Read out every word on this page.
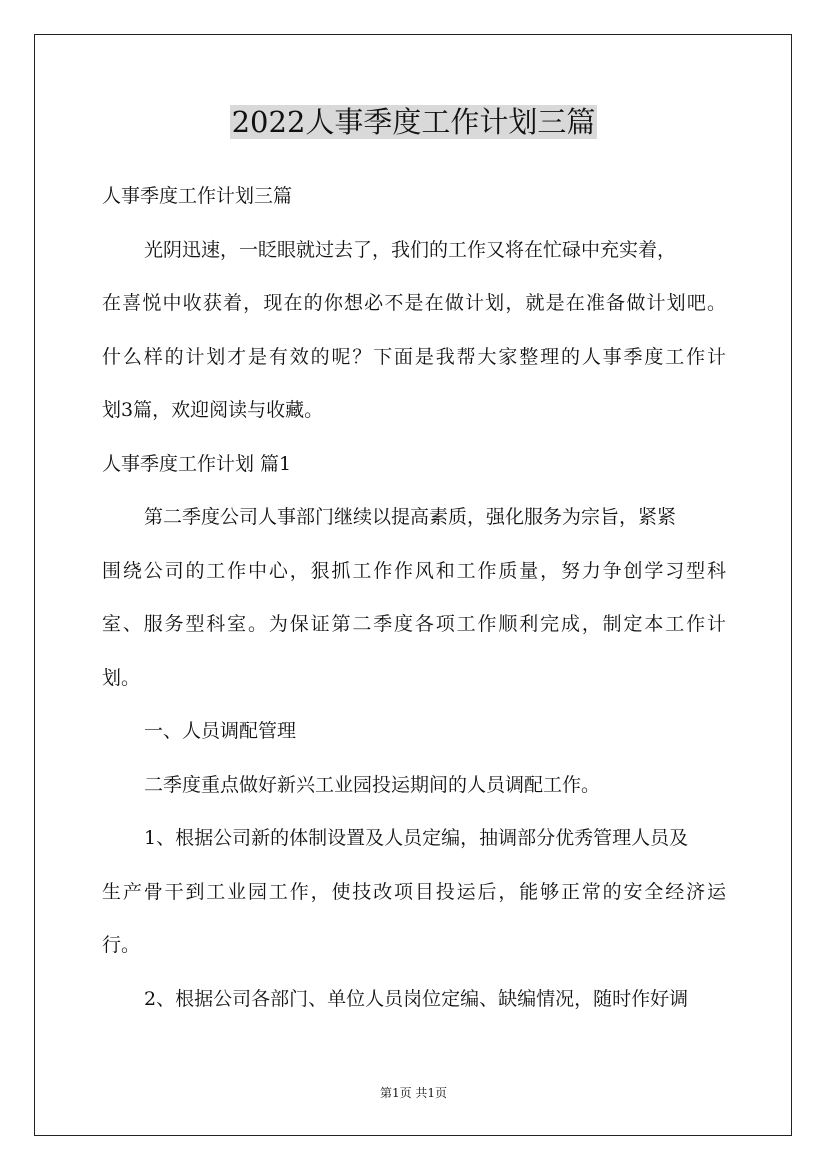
2022人事季度工作计划三篇
人事季度工作计划三篇
光阴迅速，一眨眼就过去了，我们的工作又将在忙碌中充实着，
在喜悦中收获着，现在的你想必不是在做计划，就是在准备做计划吧。
什么样的计划才是有效的呢？下面是我帮大家整理的人事季度工作计
划3篇，欢迎阅读与收藏。
人事季度工作计划 篇1
第二季度公司人事部门继续以提高素质，强化服务为宗旨，紧紧
围绕公司的工作中心，狠抓工作作风和工作质量，努力争创学习型科
室、服务型科室。为保证第二季度各项工作顺利完成，制定本工作计
划。
一、人员调配管理
二季度重点做好新兴工业园投运期间的人员调配工作。
1、根据公司新的体制设置及人员定编，抽调部分优秀管理人员及
生产骨干到工业园工作，使技改项目投运后，能够正常的安全经济运
行。
2、根据公司各部门、单位人员岗位定编、缺编情况，随时作好调
第1页 共1页
